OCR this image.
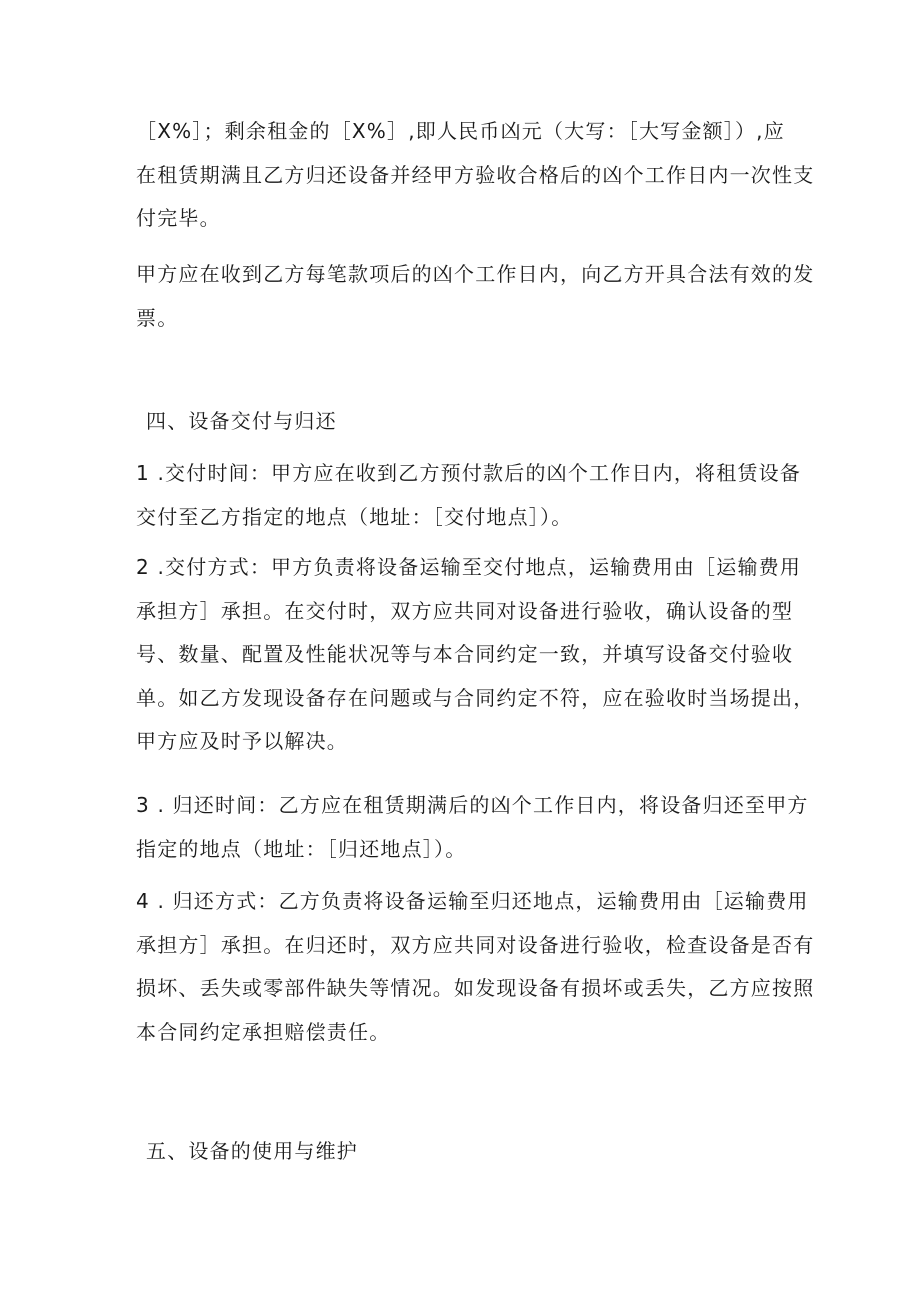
［X%］；剩余租金的［X%］,即人民币凶元（大写：［大写金额］）,应
在租赁期满且乙方归还设备并经甲方验收合格后的凶个工作日内一次性支
付完毕。
甲方应在收到乙方每笔款项后的凶个工作日内，向乙方开具合法有效的发
票。
四、设备交付与归还
1 .交付时间：甲方应在收到乙方预付款后的凶个工作日内，将租赁设备
交付至乙方指定的地点（地址：［交付地点］）。
2 .交付方式：甲方负责将设备运输至交付地点，运输费用由［运输费用
承担方］承担。在交付时，双方应共同对设备进行验收，确认设备的型
号、数量、配置及性能状况等与本合同约定一致，并填写设备交付验收
单。如乙方发现设备存在问题或与合同约定不符，应在验收时当场提出，
甲方应及时予以解决。
3 . 归还时间：乙方应在租赁期满后的凶个工作日内，将设备归还至甲方
指定的地点（地址：［归还地点］）。
4 . 归还方式：乙方负责将设备运输至归还地点，运输费用由［运输费用
承担方］承担。在归还时，双方应共同对设备进行验收，检查设备是否有
损坏、丢失或零部件缺失等情况。如发现设备有损坏或丢失，乙方应按照
本合同约定承担赔偿责任。
五、设备的使用与维护
